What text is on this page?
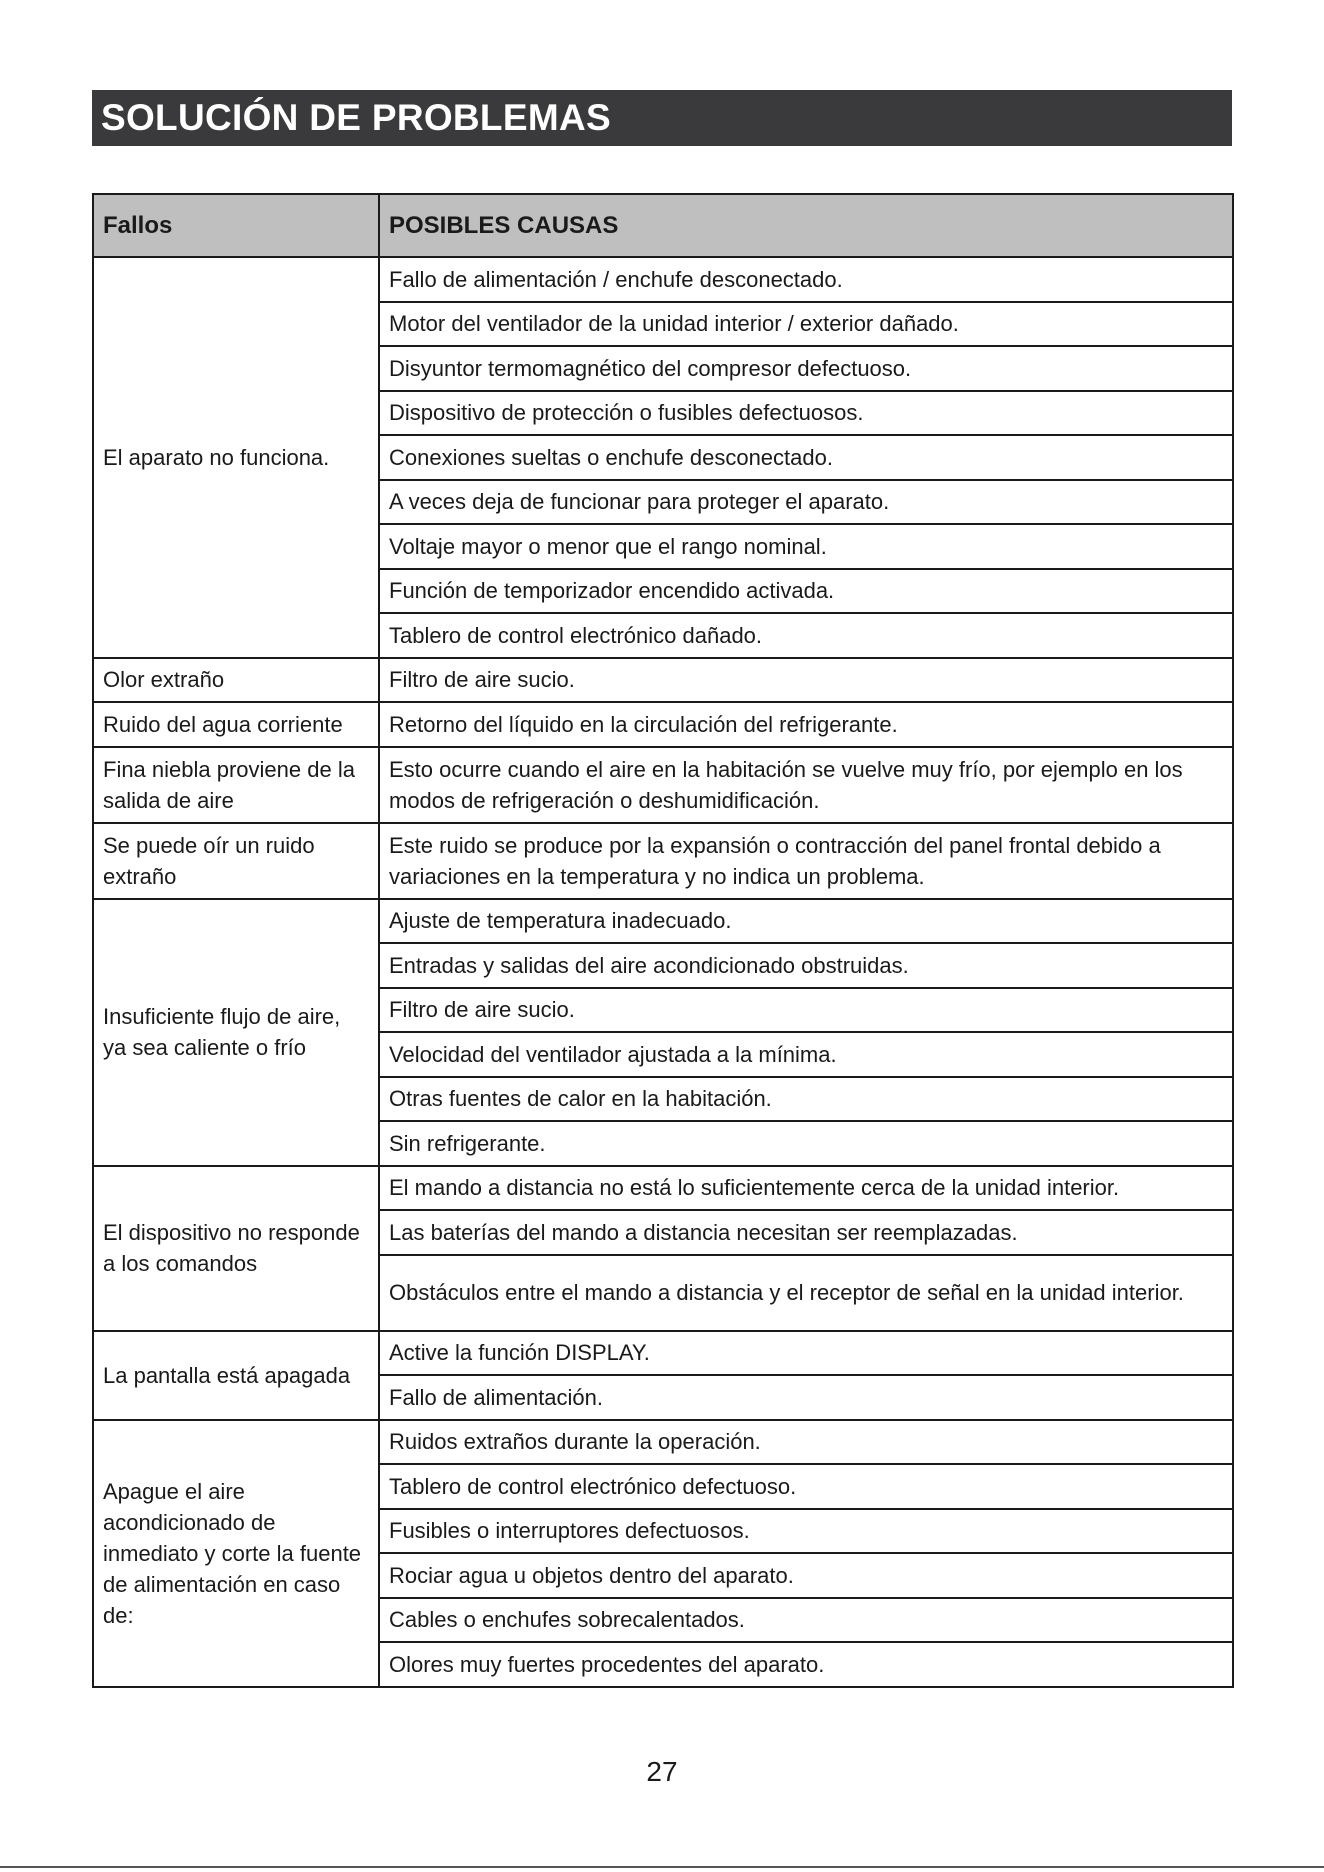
SOLUCIÓN DE PROBLEMAS
Fallos	POSIBLES CAUSAS
El aparato no funciona.	Fallo de alimentación / enchufe desconectado.
	Motor del ventilador de la unidad interior / exterior dañado.
	Disyuntor termomagnético del compresor defectuoso.
	Dispositivo de protección o fusibles defectuosos.
	Conexiones sueltas o enchufe desconectado.
	A veces deja de funcionar para proteger el aparato.
	Voltaje mayor o menor que el rango nominal.
	Función de temporizador encendido activada.
	Tablero de control electrónico dañado.
Olor extraño	Filtro de aire sucio.
Ruido del agua corriente	Retorno del líquido en la circulación del refrigerante.
Fina niebla proviene de la salida de aire	Esto ocurre cuando el aire en la habitación se vuelve muy frío, por ejemplo en los modos de refrigeración o deshumidificación.
Se puede oír un ruido extraño	Este ruido se produce por la expansión o contracción del panel frontal debido a variaciones en la temperatura y no indica un problema.
Insuficiente flujo de aire, ya sea caliente o frío	Ajuste de temperatura inadecuado.
	Entradas y salidas del aire acondicionado obstruidas.
	Filtro de aire sucio.
	Velocidad del ventilador ajustada a la mínima.
	Otras fuentes de calor en la habitación.
	Sin refrigerante.
El dispositivo no responde a los comandos	El mando a distancia no está lo suficientemente cerca de la unidad interior.
	Las baterías del mando a distancia necesitan ser reemplazadas.
	Obstáculos entre el mando a distancia y el receptor de señal en la unidad interior.
La pantalla está apagada	Active la función DISPLAY.
	Fallo de alimentación.
Apague el aire acondicionado de inmediato y corte la fuente de alimentación en caso de:	Ruidos extraños durante la operación.
	Tablero de control electrónico defectuoso.
	Fusibles o interruptores defectuosos.
	Rociar agua u objetos dentro del aparato.
	Cables o enchufes sobrecalentados.
	Olores muy fuertes procedentes del aparato.
27
